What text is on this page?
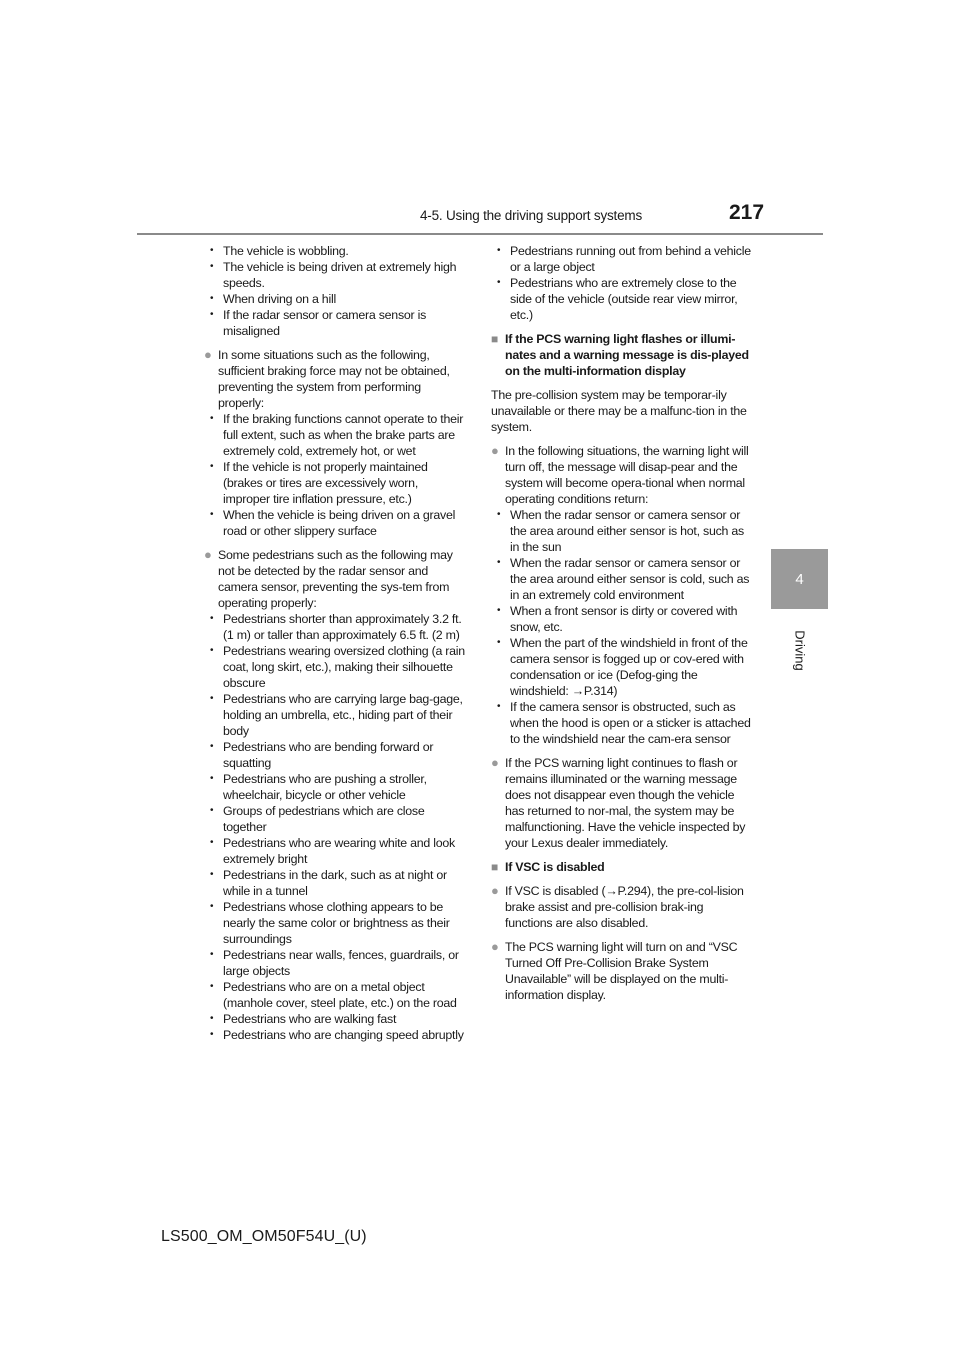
4-5. Using the driving support systems	217
4
Driving
• The vehicle is wobbling.
• The vehicle is being driven at extremely high speeds.
• When driving on a hill
• If the radar sensor or camera sensor is misaligned
● In some situations such as the following, sufficient braking force may not be obtained, preventing the system from performing properly:
• If the braking functions cannot operate to their full extent, such as when the brake parts are extremely cold, extremely hot, or wet
• If the vehicle is not properly maintained (brakes or tires are excessively worn, improper tire inflation pressure, etc.)
• When the vehicle is being driven on a gravel road or other slippery surface
● Some pedestrians such as the following may not be detected by the radar sensor and camera sensor, preventing the sys-tem from operating properly:
• Pedestrians shorter than approximately 3.2 ft. (1 m) or taller than approximately 6.5 ft. (2 m)
• Pedestrians wearing oversized clothing (a rain coat, long skirt, etc.), making their silhouette obscure
• Pedestrians who are carrying large bag-gage, holding an umbrella, etc., hiding part of their body
• Pedestrians who are bending forward or squatting
• Pedestrians who are pushing a stroller, wheelchair, bicycle or other vehicle
• Groups of pedestrians which are close together
• Pedestrians who are wearing white and look extremely bright
• Pedestrians in the dark, such as at night or while in a tunnel
• Pedestrians whose clothing appears to be nearly the same color or brightness as their surroundings
• Pedestrians near walls, fences, guardrails, or large objects
• Pedestrians who are on a metal object (manhole cover, steel plate, etc.) on the road
• Pedestrians who are walking fast
• Pedestrians who are changing speed abruptly
• Pedestrians running out from behind a vehicle or a large object
• Pedestrians who are extremely close to the side of the vehicle (outside rear view mirror, etc.)
■ If the PCS warning light flashes or illumi-nates and a warning message is dis-played on the multi-information display
The pre-collision system may be temporar-ily unavailable or there may be a malfunc-tion in the system.
● In the following situations, the warning light will turn off, the message will disap-pear and the system will become opera-tional when normal operating conditions return:
• When the radar sensor or camera sensor or the area around either sensor is hot, such as in the sun
• When the radar sensor or camera sensor or the area around either sensor is cold, such as in an extremely cold environment
• When a front sensor is dirty or covered with snow, etc.
• When the part of the windshield in front of the camera sensor is fogged up or cov-ered with condensation or ice (Defog-ging the windshield: →P.314)
• If the camera sensor is obstructed, such as when the hood is open or a sticker is attached to the windshield near the cam-era sensor
● If the PCS warning light continues to flash or remains illuminated or the warning message does not disappear even though the vehicle has returned to nor-mal, the system may be malfunctioning. Have the vehicle inspected by your Lexus dealer immediately.
■ If VSC is disabled
● If VSC is disabled (→P.294), the pre-col-lision brake assist and pre-collision brak-ing functions are also disabled.
● The PCS warning light will turn on and “VSC Turned Off Pre-Collision Brake System Unavailable” will be displayed on the multi-information display.
LS500_OM_OM50F54U_(U)
